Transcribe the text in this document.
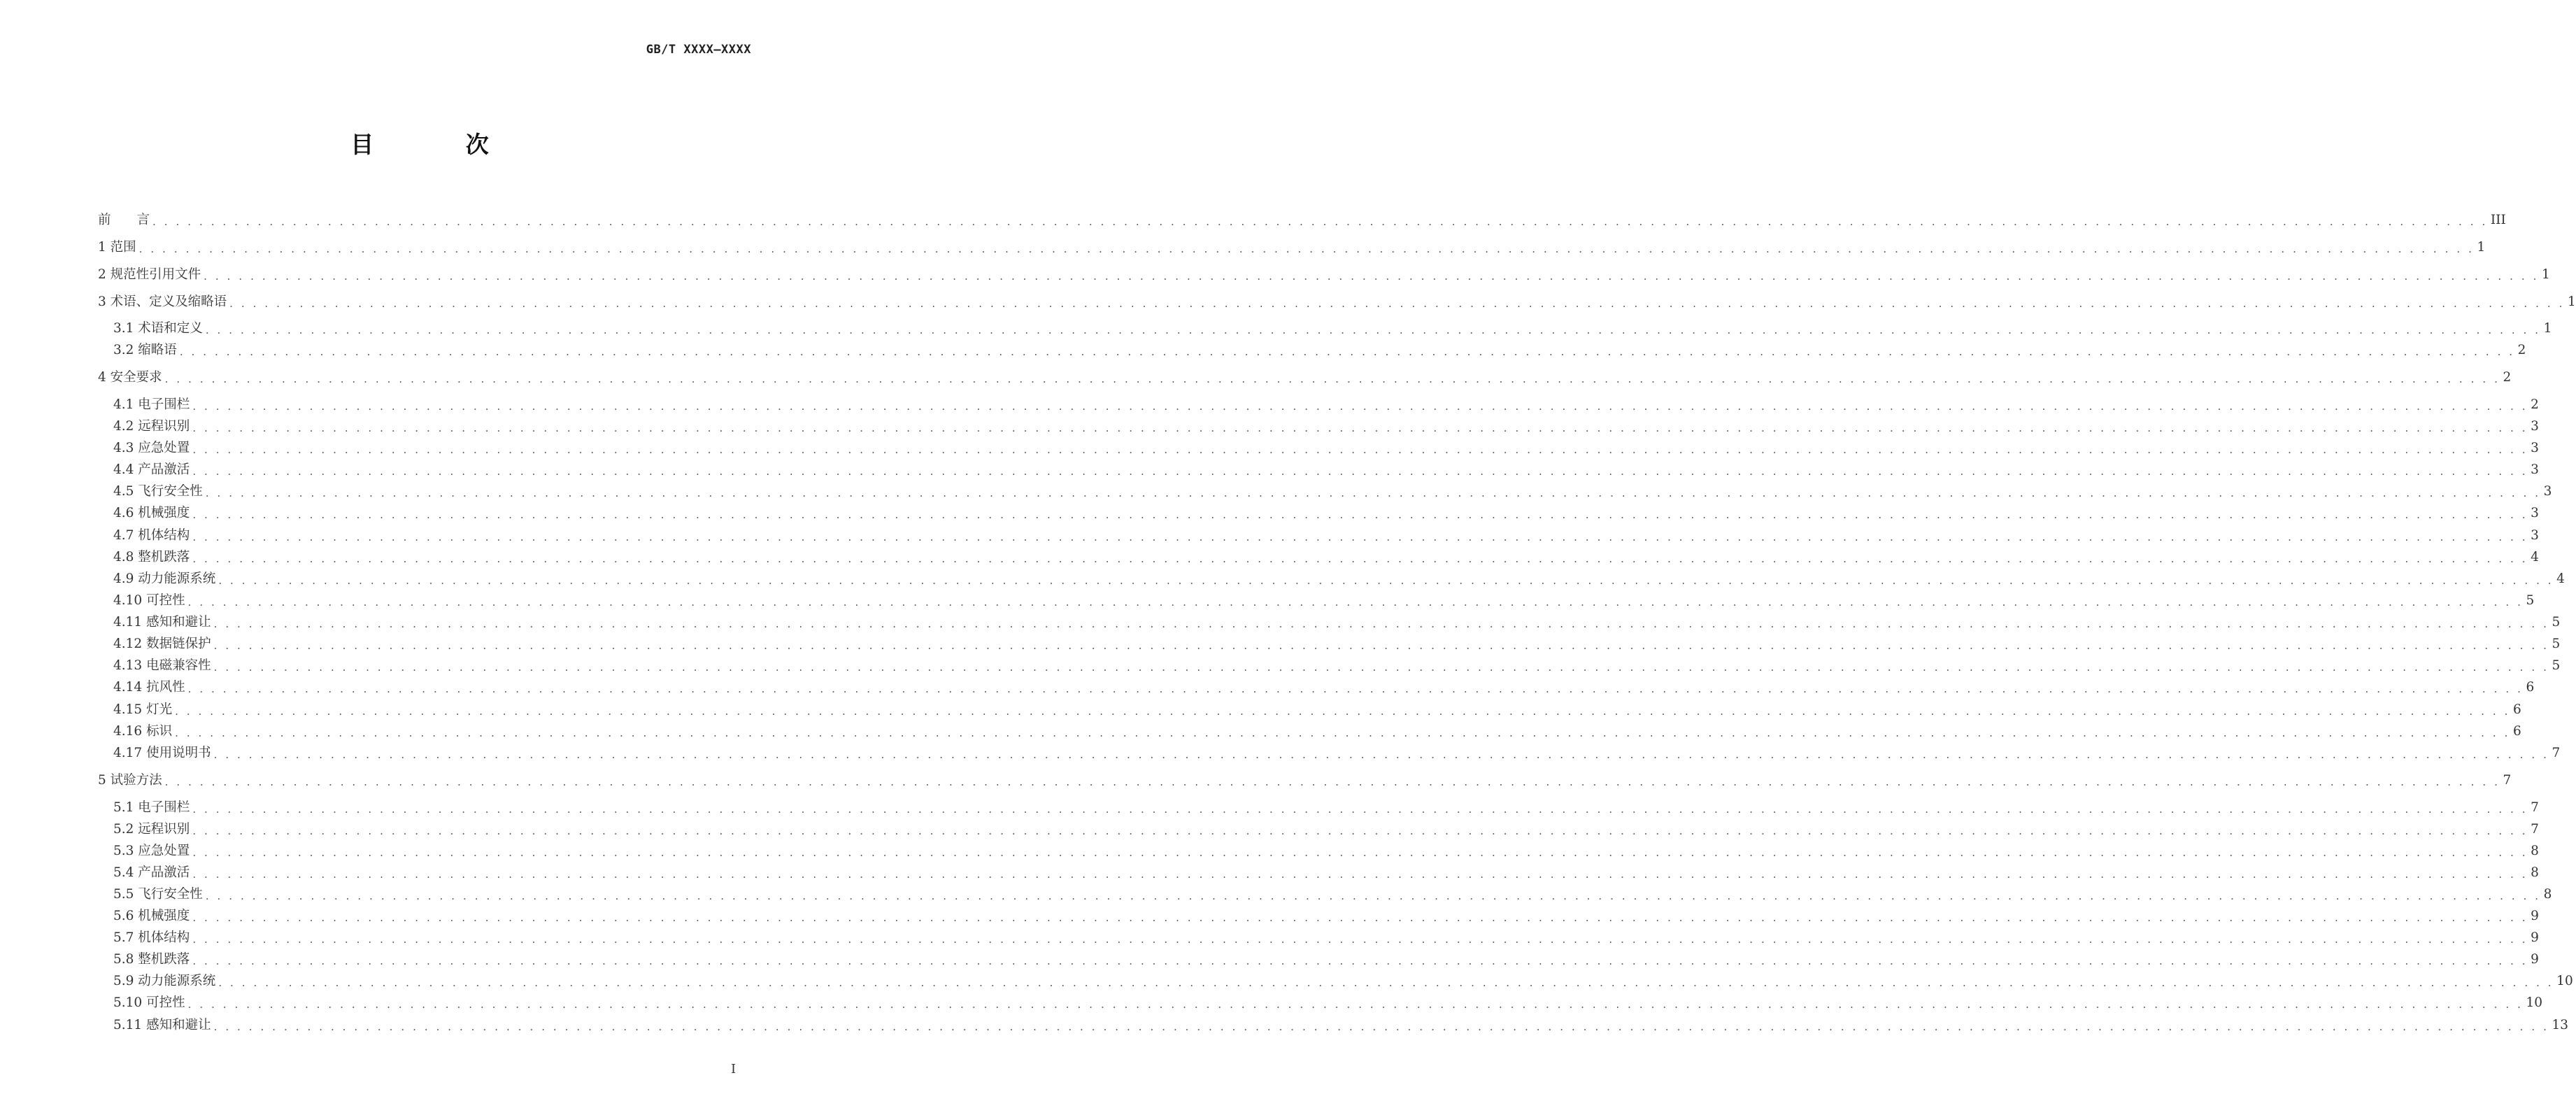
GB/T XXXX—XXXX
目 次
前　　言 . . . . . . . . . . . . . . . . . . . . . . . . . . . . . . . . . . . . . . . . . . . . . . . . . . . . . . . . . . . . . . . . . . . . . . . . . . . . . . . . . . . . . . . . . . . . . . . . . . . . . . . . . . . . . . . . . . . . . . . . . . . . . . . . . . . . . . . . . . . . . . . . . . . . . . . . . . . . . . . . . . . . . . . . . . . . . . . . . . . . . . . . . . . . . . . . . . . . . . . . III
1 范围 . . . . . . . . . . . . . . . . . . . . . . . . . . . . . . . . . . . . . . . . . . . . . . . . . . . . . . . . . . . . . . . . . . . . . . . . . . . . . . . . . . . . . . . . . . . . . . . . . . . . . . . . . . . . . . . . . . . . . . . . . . . . . . . . . . . . . . . . . . . . . . . . . . . . . . . . . . . . . . . . . . . . . . . . . . . . . . . . . . . . . . . . . . . . . . . . . . . . . . . . 1
2 规范性引用文件 . . . . . . . . . . . . . . . . . . . . . . . . . . . . . . . . . . . . . . . . . . . . . . . . . . . . . . . . . . . . . . . . . . . . . . . . . . . . . . . . . . . . . . . . . . . . . . . . . . . . . . . . . . . . . . . . . . . . . . . . . . . . . . . . . . . . . . . . . . . . . . . . . . . . . . . . . . . . . . . . . . . . . . . . . . . . . . . . . . . . . . . . . . . . . . . . . . . . . . . . 1
3 术语、定义及缩略语 . . . . . . . . . . . . . . . . . . . . . . . . . . . . . . . . . . . . . . . . . . . . . . . . . . . . . . . . . . . . . . . . . . . . . . . . . . . . . . . . . . . . . . . . . . . . . . . . . . . . . . . . . . . . . . . . . . . . . . . . . . . . . . . . . . . . . . . . . . . . . . . . . . . . . . . . . . . . . . . . . . . . . . . . . . . . . . . . . . . . . . . . . . . . . . . . . . . . . . . . 1
3.1 术语和定义 . . . . . . . . . . . . . . . . . . . . . . . . . . . . . . . . . . . . . . . . . . . . . . . . . . . . . . . . . . . . . . . . . . . . . . . . . . . . . . . . . . . . . . . . . . . . . . . . . . . . . . . . . . . . . . . . . . . . . . . . . . . . . . . . . . . . . . . . . . . . . . . . . . . . . . . . . . . . . . . . . . . . . . . . . . . . . . . . . . . . . . . . . . . . . . . . . . . . . . . . 1
3.2 缩略语 . . . . . . . . . . . . . . . . . . . . . . . . . . . . . . . . . . . . . . . . . . . . . . . . . . . . . . . . . . . . . . . . . . . . . . . . . . . . . . . . . . . . . . . . . . . . . . . . . . . . . . . . . . . . . . . . . . . . . . . . . . . . . . . . . . . . . . . . . . . . . . . . . . . . . . . . . . . . . . . . . . . . . . . . . . . . . . . . . . . . . . . . . . . . . . . . . . . . . . . . 2
4 安全要求 . . . . . . . . . . . . . . . . . . . . . . . . . . . . . . . . . . . . . . . . . . . . . . . . . . . . . . . . . . . . . . . . . . . . . . . . . . . . . . . . . . . . . . . . . . . . . . . . . . . . . . . . . . . . . . . . . . . . . . . . . . . . . . . . . . . . . . . . . . . . . . . . . . . . . . . . . . . . . . . . . . . . . . . . . . . . . . . . . . . . . . . . . . . . . . . . . . . . . . . . 2
4.1 电子围栏 . . . . . . . . . . . . . . . . . . . . . . . . . . . . . . . . . . . . . . . . . . . . . . . . . . . . . . . . . . . . . . . . . . . . . . . . . . . . . . . . . . . . . . . . . . . . . . . . . . . . . . . . . . . . . . . . . . . . . . . . . . . . . . . . . . . . . . . . . . . . . . . . . . . . . . . . . . . . . . . . . . . . . . . . . . . . . . . . . . . . . . . . . . . . . . . . . . . . . . . . 2
4.2 远程识别 . . . . . . . . . . . . . . . . . . . . . . . . . . . . . . . . . . . . . . . . . . . . . . . . . . . . . . . . . . . . . . . . . . . . . . . . . . . . . . . . . . . . . . . . . . . . . . . . . . . . . . . . . . . . . . . . . . . . . . . . . . . . . . . . . . . . . . . . . . . . . . . . . . . . . . . . . . . . . . . . . . . . . . . . . . . . . . . . . . . . . . . . . . . . . . . . . . . . . . . . 3
4.3 应急处置 . . . . . . . . . . . . . . . . . . . . . . . . . . . . . . . . . . . . . . . . . . . . . . . . . . . . . . . . . . . . . . . . . . . . . . . . . . . . . . . . . . . . . . . . . . . . . . . . . . . . . . . . . . . . . . . . . . . . . . . . . . . . . . . . . . . . . . . . . . . . . . . . . . . . . . . . . . . . . . . . . . . . . . . . . . . . . . . . . . . . . . . . . . . . . . . . . . . . . . . . 3
4.4 产品激活 . . . . . . . . . . . . . . . . . . . . . . . . . . . . . . . . . . . . . . . . . . . . . . . . . . . . . . . . . . . . . . . . . . . . . . . . . . . . . . . . . . . . . . . . . . . . . . . . . . . . . . . . . . . . . . . . . . . . . . . . . . . . . . . . . . . . . . . . . . . . . . . . . . . . . . . . . . . . . . . . . . . . . . . . . . . . . . . . . . . . . . . . . . . . . . . . . . . . . . . . 3
4.5 飞行安全性 . . . . . . . . . . . . . . . . . . . . . . . . . . . . . . . . . . . . . . . . . . . . . . . . . . . . . . . . . . . . . . . . . . . . . . . . . . . . . . . . . . . . . . . . . . . . . . . . . . . . . . . . . . . . . . . . . . . . . . . . . . . . . . . . . . . . . . . . . . . . . . . . . . . . . . . . . . . . . . . . . . . . . . . . . . . . . . . . . . . . . . . . . . . . . . . . . . . . . . . . 3
4.6 机械强度 . . . . . . . . . . . . . . . . . . . . . . . . . . . . . . . . . . . . . . . . . . . . . . . . . . . . . . . . . . . . . . . . . . . . . . . . . . . . . . . . . . . . . . . . . . . . . . . . . . . . . . . . . . . . . . . . . . . . . . . . . . . . . . . . . . . . . . . . . . . . . . . . . . . . . . . . . . . . . . . . . . . . . . . . . . . . . . . . . . . . . . . . . . . . . . . . . . . . . . . . 3
4.7 机体结构 . . . . . . . . . . . . . . . . . . . . . . . . . . . . . . . . . . . . . . . . . . . . . . . . . . . . . . . . . . . . . . . . . . . . . . . . . . . . . . . . . . . . . . . . . . . . . . . . . . . . . . . . . . . . . . . . . . . . . . . . . . . . . . . . . . . . . . . . . . . . . . . . . . . . . . . . . . . . . . . . . . . . . . . . . . . . . . . . . . . . . . . . . . . . . . . . . . . . . . . . 3
4.8 整机跌落 . . . . . . . . . . . . . . . . . . . . . . . . . . . . . . . . . . . . . . . . . . . . . . . . . . . . . . . . . . . . . . . . . . . . . . . . . . . . . . . . . . . . . . . . . . . . . . . . . . . . . . . . . . . . . . . . . . . . . . . . . . . . . . . . . . . . . . . . . . . . . . . . . . . . . . . . . . . . . . . . . . . . . . . . . . . . . . . . . . . . . . . . . . . . . . . . . . . . . . . . 4
4.9 动力能源系统 . . . . . . . . . . . . . . . . . . . . . . . . . . . . . . . . . . . . . . . . . . . . . . . . . . . . . . . . . . . . . . . . . . . . . . . . . . . . . . . . . . . . . . . . . . . . . . . . . . . . . . . . . . . . . . . . . . . . . . . . . . . . . . . . . . . . . . . . . . . . . . . . . . . . . . . . . . . . . . . . . . . . . . . . . . . . . . . . . . . . . . . . . . . . . . . . . . . . . . . . 4
4.10 可控性 . . . . . . . . . . . . . . . . . . . . . . . . . . . . . . . . . . . . . . . . . . . . . . . . . . . . . . . . . . . . . . . . . . . . . . . . . . . . . . . . . . . . . . . . . . . . . . . . . . . . . . . . . . . . . . . . . . . . . . . . . . . . . . . . . . . . . . . . . . . . . . . . . . . . . . . . . . . . . . . . . . . . . . . . . . . . . . . . . . . . . . . . . . . . . . . . . . . . . . . . 5
4.11 感知和避让 . . . . . . . . . . . . . . . . . . . . . . . . . . . . . . . . . . . . . . . . . . . . . . . . . . . . . . . . . . . . . . . . . . . . . . . . . . . . . . . . . . . . . . . . . . . . . . . . . . . . . . . . . . . . . . . . . . . . . . . . . . . . . . . . . . . . . . . . . . . . . . . . . . . . . . . . . . . . . . . . . . . . . . . . . . . . . . . . . . . . . . . . . . . . . . . . . . . . . . . . 5
4.12 数据链保护 . . . . . . . . . . . . . . . . . . . . . . . . . . . . . . . . . . . . . . . . . . . . . . . . . . . . . . . . . . . . . . . . . . . . . . . . . . . . . . . . . . . . . . . . . . . . . . . . . . . . . . . . . . . . . . . . . . . . . . . . . . . . . . . . . . . . . . . . . . . . . . . . . . . . . . . . . . . . . . . . . . . . . . . . . . . . . . . . . . . . . . . . . . . . . . . . . . . . . . . . 5
4.13 电磁兼容性 . . . . . . . . . . . . . . . . . . . . . . . . . . . . . . . . . . . . . . . . . . . . . . . . . . . . . . . . . . . . . . . . . . . . . . . . . . . . . . . . . . . . . . . . . . . . . . . . . . . . . . . . . . . . . . . . . . . . . . . . . . . . . . . . . . . . . . . . . . . . . . . . . . . . . . . . . . . . . . . . . . . . . . . . . . . . . . . . . . . . . . . . . . . . . . . . . . . . . . . . 5
4.14 抗风性 . . . . . . . . . . . . . . . . . . . . . . . . . . . . . . . . . . . . . . . . . . . . . . . . . . . . . . . . . . . . . . . . . . . . . . . . . . . . . . . . . . . . . . . . . . . . . . . . . . . . . . . . . . . . . . . . . . . . . . . . . . . . . . . . . . . . . . . . . . . . . . . . . . . . . . . . . . . . . . . . . . . . . . . . . . . . . . . . . . . . . . . . . . . . . . . . . . . . . . . . 6
4.15 灯光 . . . . . . . . . . . . . . . . . . . . . . . . . . . . . . . . . . . . . . . . . . . . . . . . . . . . . . . . . . . . . . . . . . . . . . . . . . . . . . . . . . . . . . . . . . . . . . . . . . . . . . . . . . . . . . . . . . . . . . . . . . . . . . . . . . . . . . . . . . . . . . . . . . . . . . . . . . . . . . . . . . . . . . . . . . . . . . . . . . . . . . . . . . . . . . . . . . . . . . . . 6
4.16 标识 . . . . . . . . . . . . . . . . . . . . . . . . . . . . . . . . . . . . . . . . . . . . . . . . . . . . . . . . . . . . . . . . . . . . . . . . . . . . . . . . . . . . . . . . . . . . . . . . . . . . . . . . . . . . . . . . . . . . . . . . . . . . . . . . . . . . . . . . . . . . . . . . . . . . . . . . . . . . . . . . . . . . . . . . . . . . . . . . . . . . . . . . . . . . . . . . . . . . . . . . 6
4.17 使用说明书 . . . . . . . . . . . . . . . . . . . . . . . . . . . . . . . . . . . . . . . . . . . . . . . . . . . . . . . . . . . . . . . . . . . . . . . . . . . . . . . . . . . . . . . . . . . . . . . . . . . . . . . . . . . . . . . . . . . . . . . . . . . . . . . . . . . . . . . . . . . . . . . . . . . . . . . . . . . . . . . . . . . . . . . . . . . . . . . . . . . . . . . . . . . . . . . . . . . . . . . . 7
5 试验方法 . . . . . . . . . . . . . . . . . . . . . . . . . . . . . . . . . . . . . . . . . . . . . . . . . . . . . . . . . . . . . . . . . . . . . . . . . . . . . . . . . . . . . . . . . . . . . . . . . . . . . . . . . . . . . . . . . . . . . . . . . . . . . . . . . . . . . . . . . . . . . . . . . . . . . . . . . . . . . . . . . . . . . . . . . . . . . . . . . . . . . . . . . . . . . . . . . . . . . . . . 7
5.1 电子围栏 . . . . . . . . . . . . . . . . . . . . . . . . . . . . . . . . . . . . . . . . . . . . . . . . . . . . . . . . . . . . . . . . . . . . . . . . . . . . . . . . . . . . . . . . . . . . . . . . . . . . . . . . . . . . . . . . . . . . . . . . . . . . . . . . . . . . . . . . . . . . . . . . . . . . . . . . . . . . . . . . . . . . . . . . . . . . . . . . . . . . . . . . . . . . . . . . . . . . . . . . 7
5.2 远程识别 . . . . . . . . . . . . . . . . . . . . . . . . . . . . . . . . . . . . . . . . . . . . . . . . . . . . . . . . . . . . . . . . . . . . . . . . . . . . . . . . . . . . . . . . . . . . . . . . . . . . . . . . . . . . . . . . . . . . . . . . . . . . . . . . . . . . . . . . . . . . . . . . . . . . . . . . . . . . . . . . . . . . . . . . . . . . . . . . . . . . . . . . . . . . . . . . . . . . . . . . 7
5.3 应急处置 . . . . . . . . . . . . . . . . . . . . . . . . . . . . . . . . . . . . . . . . . . . . . . . . . . . . . . . . . . . . . . . . . . . . . . . . . . . . . . . . . . . . . . . . . . . . . . . . . . . . . . . . . . . . . . . . . . . . . . . . . . . . . . . . . . . . . . . . . . . . . . . . . . . . . . . . . . . . . . . . . . . . . . . . . . . . . . . . . . . . . . . . . . . . . . . . . . . . . . . . 8
5.4 产品激活 . . . . . . . . . . . . . . . . . . . . . . . . . . . . . . . . . . . . . . . . . . . . . . . . . . . . . . . . . . . . . . . . . . . . . . . . . . . . . . . . . . . . . . . . . . . . . . . . . . . . . . . . . . . . . . . . . . . . . . . . . . . . . . . . . . . . . . . . . . . . . . . . . . . . . . . . . . . . . . . . . . . . . . . . . . . . . . . . . . . . . . . . . . . . . . . . . . . . . . . . 8
5.5 飞行安全性 . . . . . . . . . . . . . . . . . . . . . . . . . . . . . . . . . . . . . . . . . . . . . . . . . . . . . . . . . . . . . . . . . . . . . . . . . . . . . . . . . . . . . . . . . . . . . . . . . . . . . . . . . . . . . . . . . . . . . . . . . . . . . . . . . . . . . . . . . . . . . . . . . . . . . . . . . . . . . . . . . . . . . . . . . . . . . . . . . . . . . . . . . . . . . . . . . . . . . . . . 8
5.6 机械强度 . . . . . . . . . . . . . . . . . . . . . . . . . . . . . . . . . . . . . . . . . . . . . . . . . . . . . . . . . . . . . . . . . . . . . . . . . . . . . . . . . . . . . . . . . . . . . . . . . . . . . . . . . . . . . . . . . . . . . . . . . . . . . . . . . . . . . . . . . . . . . . . . . . . . . . . . . . . . . . . . . . . . . . . . . . . . . . . . . . . . . . . . . . . . . . . . . . . . . . . . 9
5.7 机体结构 . . . . . . . . . . . . . . . . . . . . . . . . . . . . . . . . . . . . . . . . . . . . . . . . . . . . . . . . . . . . . . . . . . . . . . . . . . . . . . . . . . . . . . . . . . . . . . . . . . . . . . . . . . . . . . . . . . . . . . . . . . . . . . . . . . . . . . . . . . . . . . . . . . . . . . . . . . . . . . . . . . . . . . . . . . . . . . . . . . . . . . . . . . . . . . . . . . . . . . . . 9
5.8 整机跌落 . . . . . . . . . . . . . . . . . . . . . . . . . . . . . . . . . . . . . . . . . . . . . . . . . . . . . . . . . . . . . . . . . . . . . . . . . . . . . . . . . . . . . . . . . . . . . . . . . . . . . . . . . . . . . . . . . . . . . . . . . . . . . . . . . . . . . . . . . . . . . . . . . . . . . . . . . . . . . . . . . . . . . . . . . . . . . . . . . . . . . . . . . . . . . . . . . . . . . . . . 9
5.9 动力能源系统 . . . . . . . . . . . . . . . . . . . . . . . . . . . . . . . . . . . . . . . . . . . . . . . . . . . . . . . . . . . . . . . . . . . . . . . . . . . . . . . . . . . . . . . . . . . . . . . . . . . . . . . . . . . . . . . . . . . . . . . . . . . . . . . . . . . . . . . . . . . . . . . . . . . . . . . . . . . . . . . . . . . . . . . . . . . . . . . . . . . . . . . . . . . . . . . . . . . . . . . . 10
5.10 可控性 . . . . . . . . . . . . . . . . . . . . . . . . . . . . . . . . . . . . . . . . . . . . . . . . . . . . . . . . . . . . . . . . . . . . . . . . . . . . . . . . . . . . . . . . . . . . . . . . . . . . . . . . . . . . . . . . . . . . . . . . . . . . . . . . . . . . . . . . . . . . . . . . . . . . . . . . . . . . . . . . . . . . . . . . . . . . . . . . . . . . . . . . . . . . . . . . . . . . . . . . 10
5.11 感知和避让 . . . . . . . . . . . . . . . . . . . . . . . . . . . . . . . . . . . . . . . . . . . . . . . . . . . . . . . . . . . . . . . . . . . . . . . . . . . . . . . . . . . . . . . . . . . . . . . . . . . . . . . . . . . . . . . . . . . . . . . . . . . . . . . . . . . . . . . . . . . . . . . . . . . . . . . . . . . . . . . . . . . . . . . . . . . . . . . . . . . . . . . . . . . . . . . . . . . . . . . . 13
I
